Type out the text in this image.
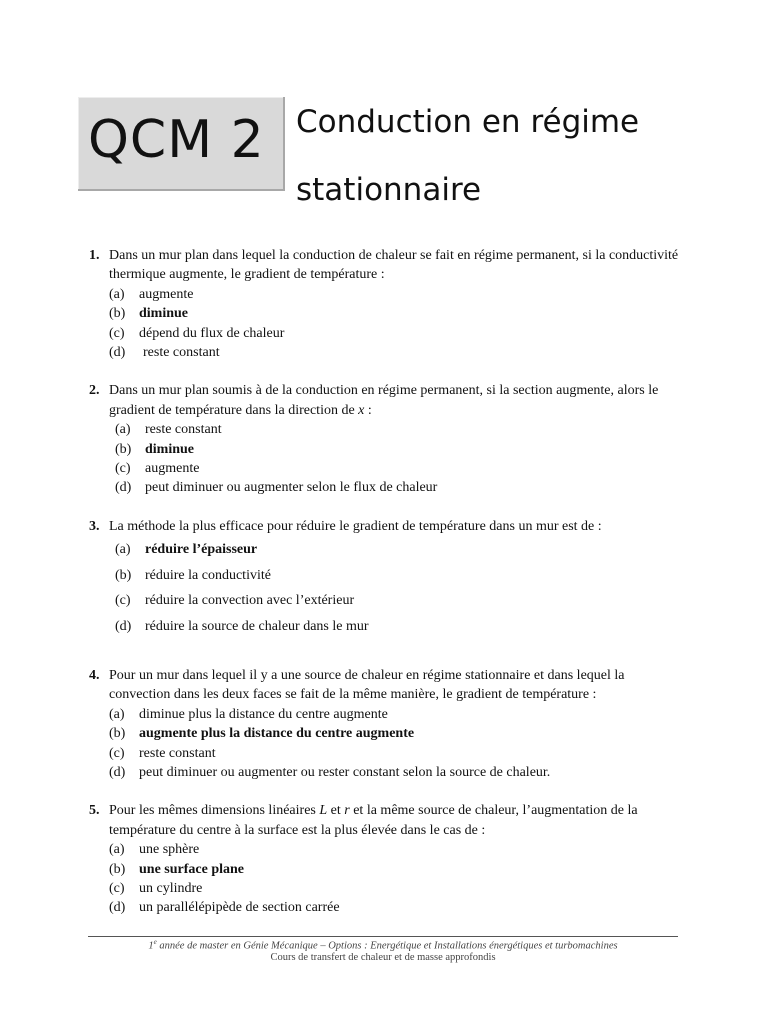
QCM 2 Conduction en régime
stationnaire
1. Dans un mur plan dans lequel la conduction de chaleur se fait en régime permanent, si la conductivité thermique augmente, le gradient de température :
(a)	augmente
(b) diminue
(c)	dépend du flux de chaleur
(d)	reste constant
2. Dans un mur plan soumis à de la conduction en régime permanent, si la section augmente, alors le gradient de température dans la direction de x :
(a)	reste constant
(b) diminue
(c)	augmente
(d) peut diminuer ou augmenter selon le flux de chaleur
3. La méthode la plus efficace pour réduire le gradient de température dans un mur est de :
(a)	réduire l’épaisseur
(b) réduire la conductivité
(c)	réduire la convection avec l’extérieur
(d) réduire la source de chaleur dans le mur
4. Pour un mur dans lequel il y a une source de chaleur en régime stationnaire et dans lequel la convection dans les deux faces se fait de la même manière, le gradient de température :
(a)	diminue plus la distance du centre augmente
(b) augmente plus la distance du centre augmente
(c)	reste constant
(d) peut diminuer ou augmenter ou rester constant selon la source de chaleur.
5. Pour les mêmes dimensions linéaires L et r et la même source de chaleur, l’augmentation de la température du centre à la surface est la plus élevée dans le cas de :
(a)	une sphère
(b) une surface plane
(c)	un cylindre
(d) un parallélépipède de section carrée
1e année de master en Génie Mécanique – Options : Energétique et Installations énergétiques et turbomachines
Cours de transfert de chaleur et de masse approfondis
